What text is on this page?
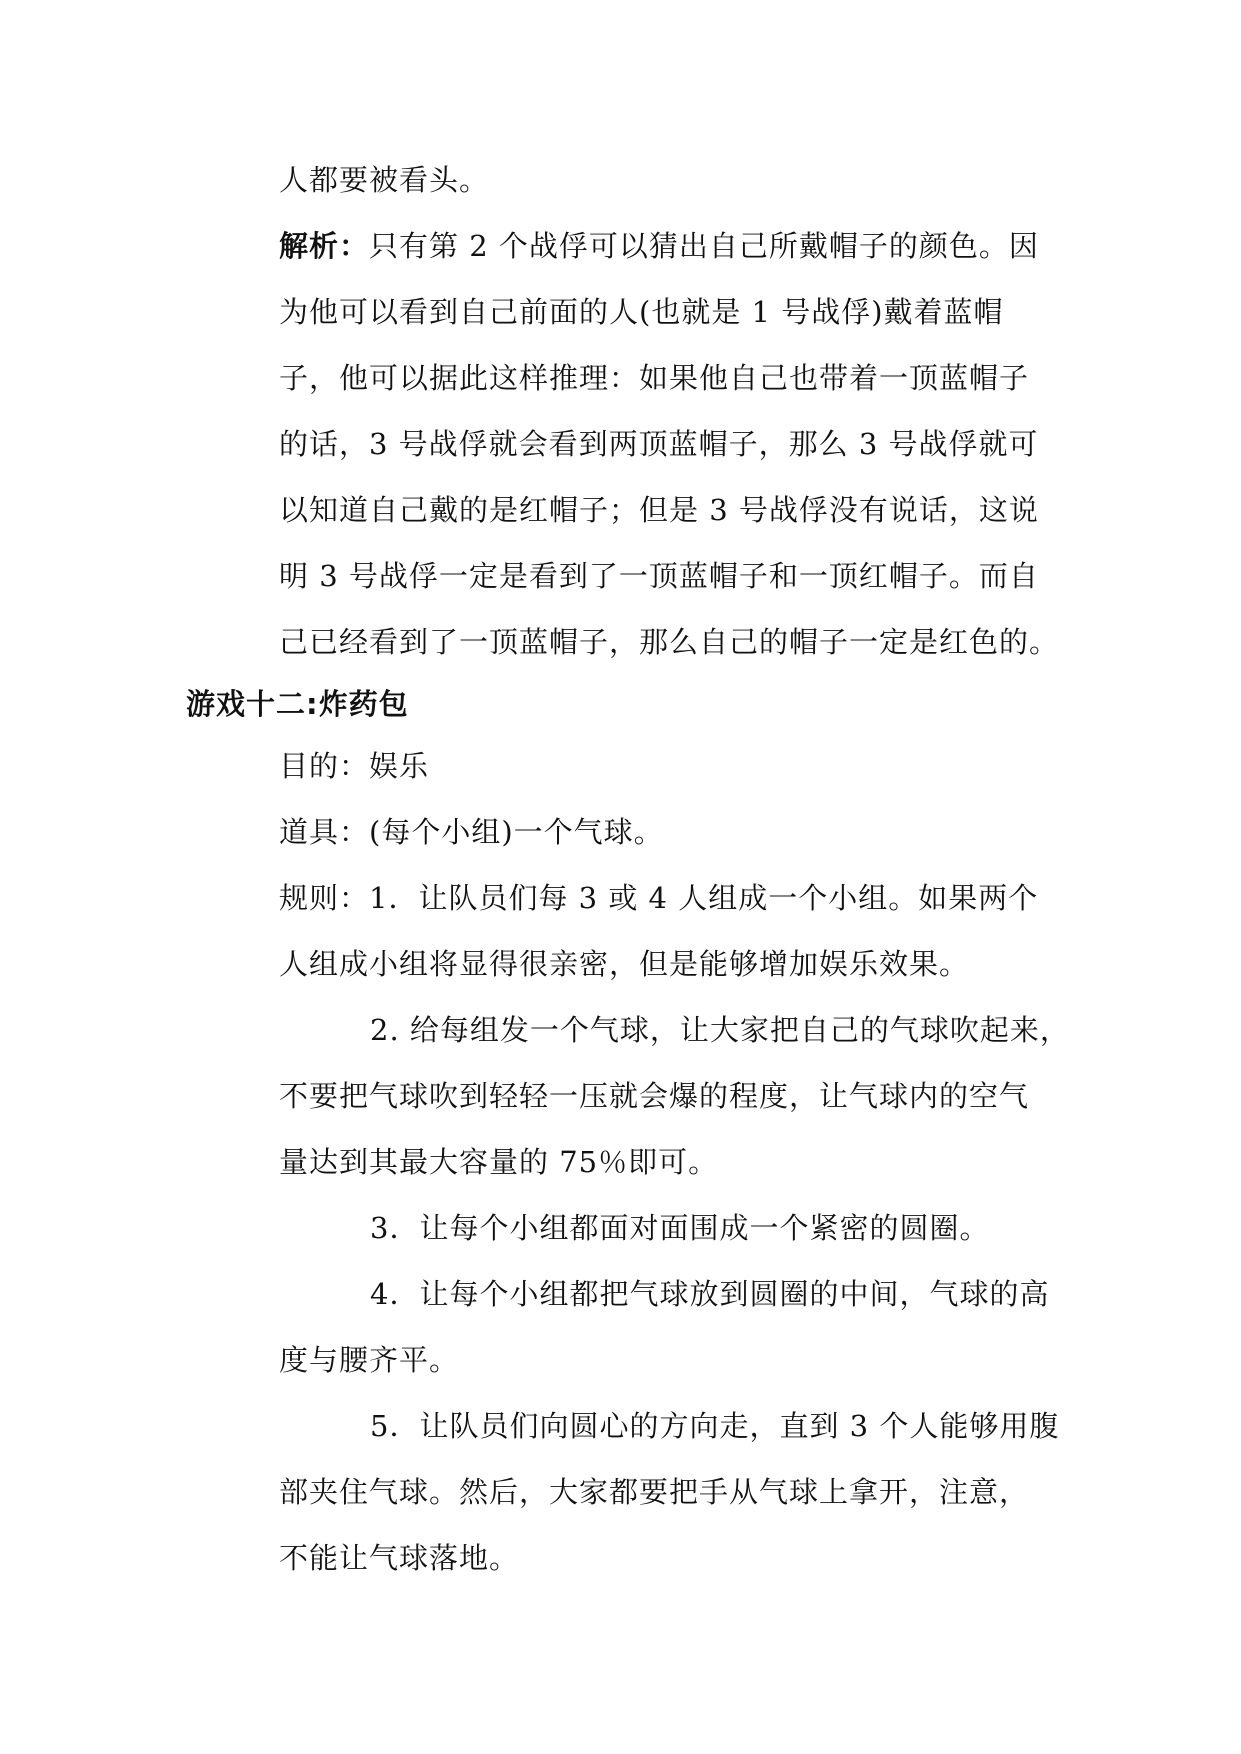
人都要被看头。
解析：只有第 2 个战俘可以猜出自己所戴帽子的颜色。因
为他可以看到自己前面的人(也就是 1 号战俘)戴着蓝帽
子，他可以据此这样推理：如果他自己也带着一顶蓝帽子
的话，3 号战俘就会看到两顶蓝帽子，那么 3 号战俘就可
以知道自己戴的是红帽子；但是 3 号战俘没有说话，这说
明 3 号战俘一定是看到了一顶蓝帽子和一顶红帽子。而自
己已经看到了一顶蓝帽子，那么自己的帽子一定是红色的。
游戏十二:炸药包
目的：娱乐
道具：(每个小组)一个气球。
规则：1．让队员们每 3 或 4 人组成一个小组。如果两个
人组成小组将显得很亲密，但是能够增加娱乐效果。
2. 给每组发一个气球，让大家把自己的气球吹起来，
不要把气球吹到轻轻一压就会爆的程度，让气球内的空气
量达到其最大容量的 75％即可。
3．让每个小组都面对面围成一个紧密的圆圈。
4．让每个小组都把气球放到圆圈的中间，气球的高
度与腰齐平。
5．让队员们向圆心的方向走，直到 3 个人能够用腹
部夹住气球。然后，大家都要把手从气球上拿开，注意，
不能让气球落地。
